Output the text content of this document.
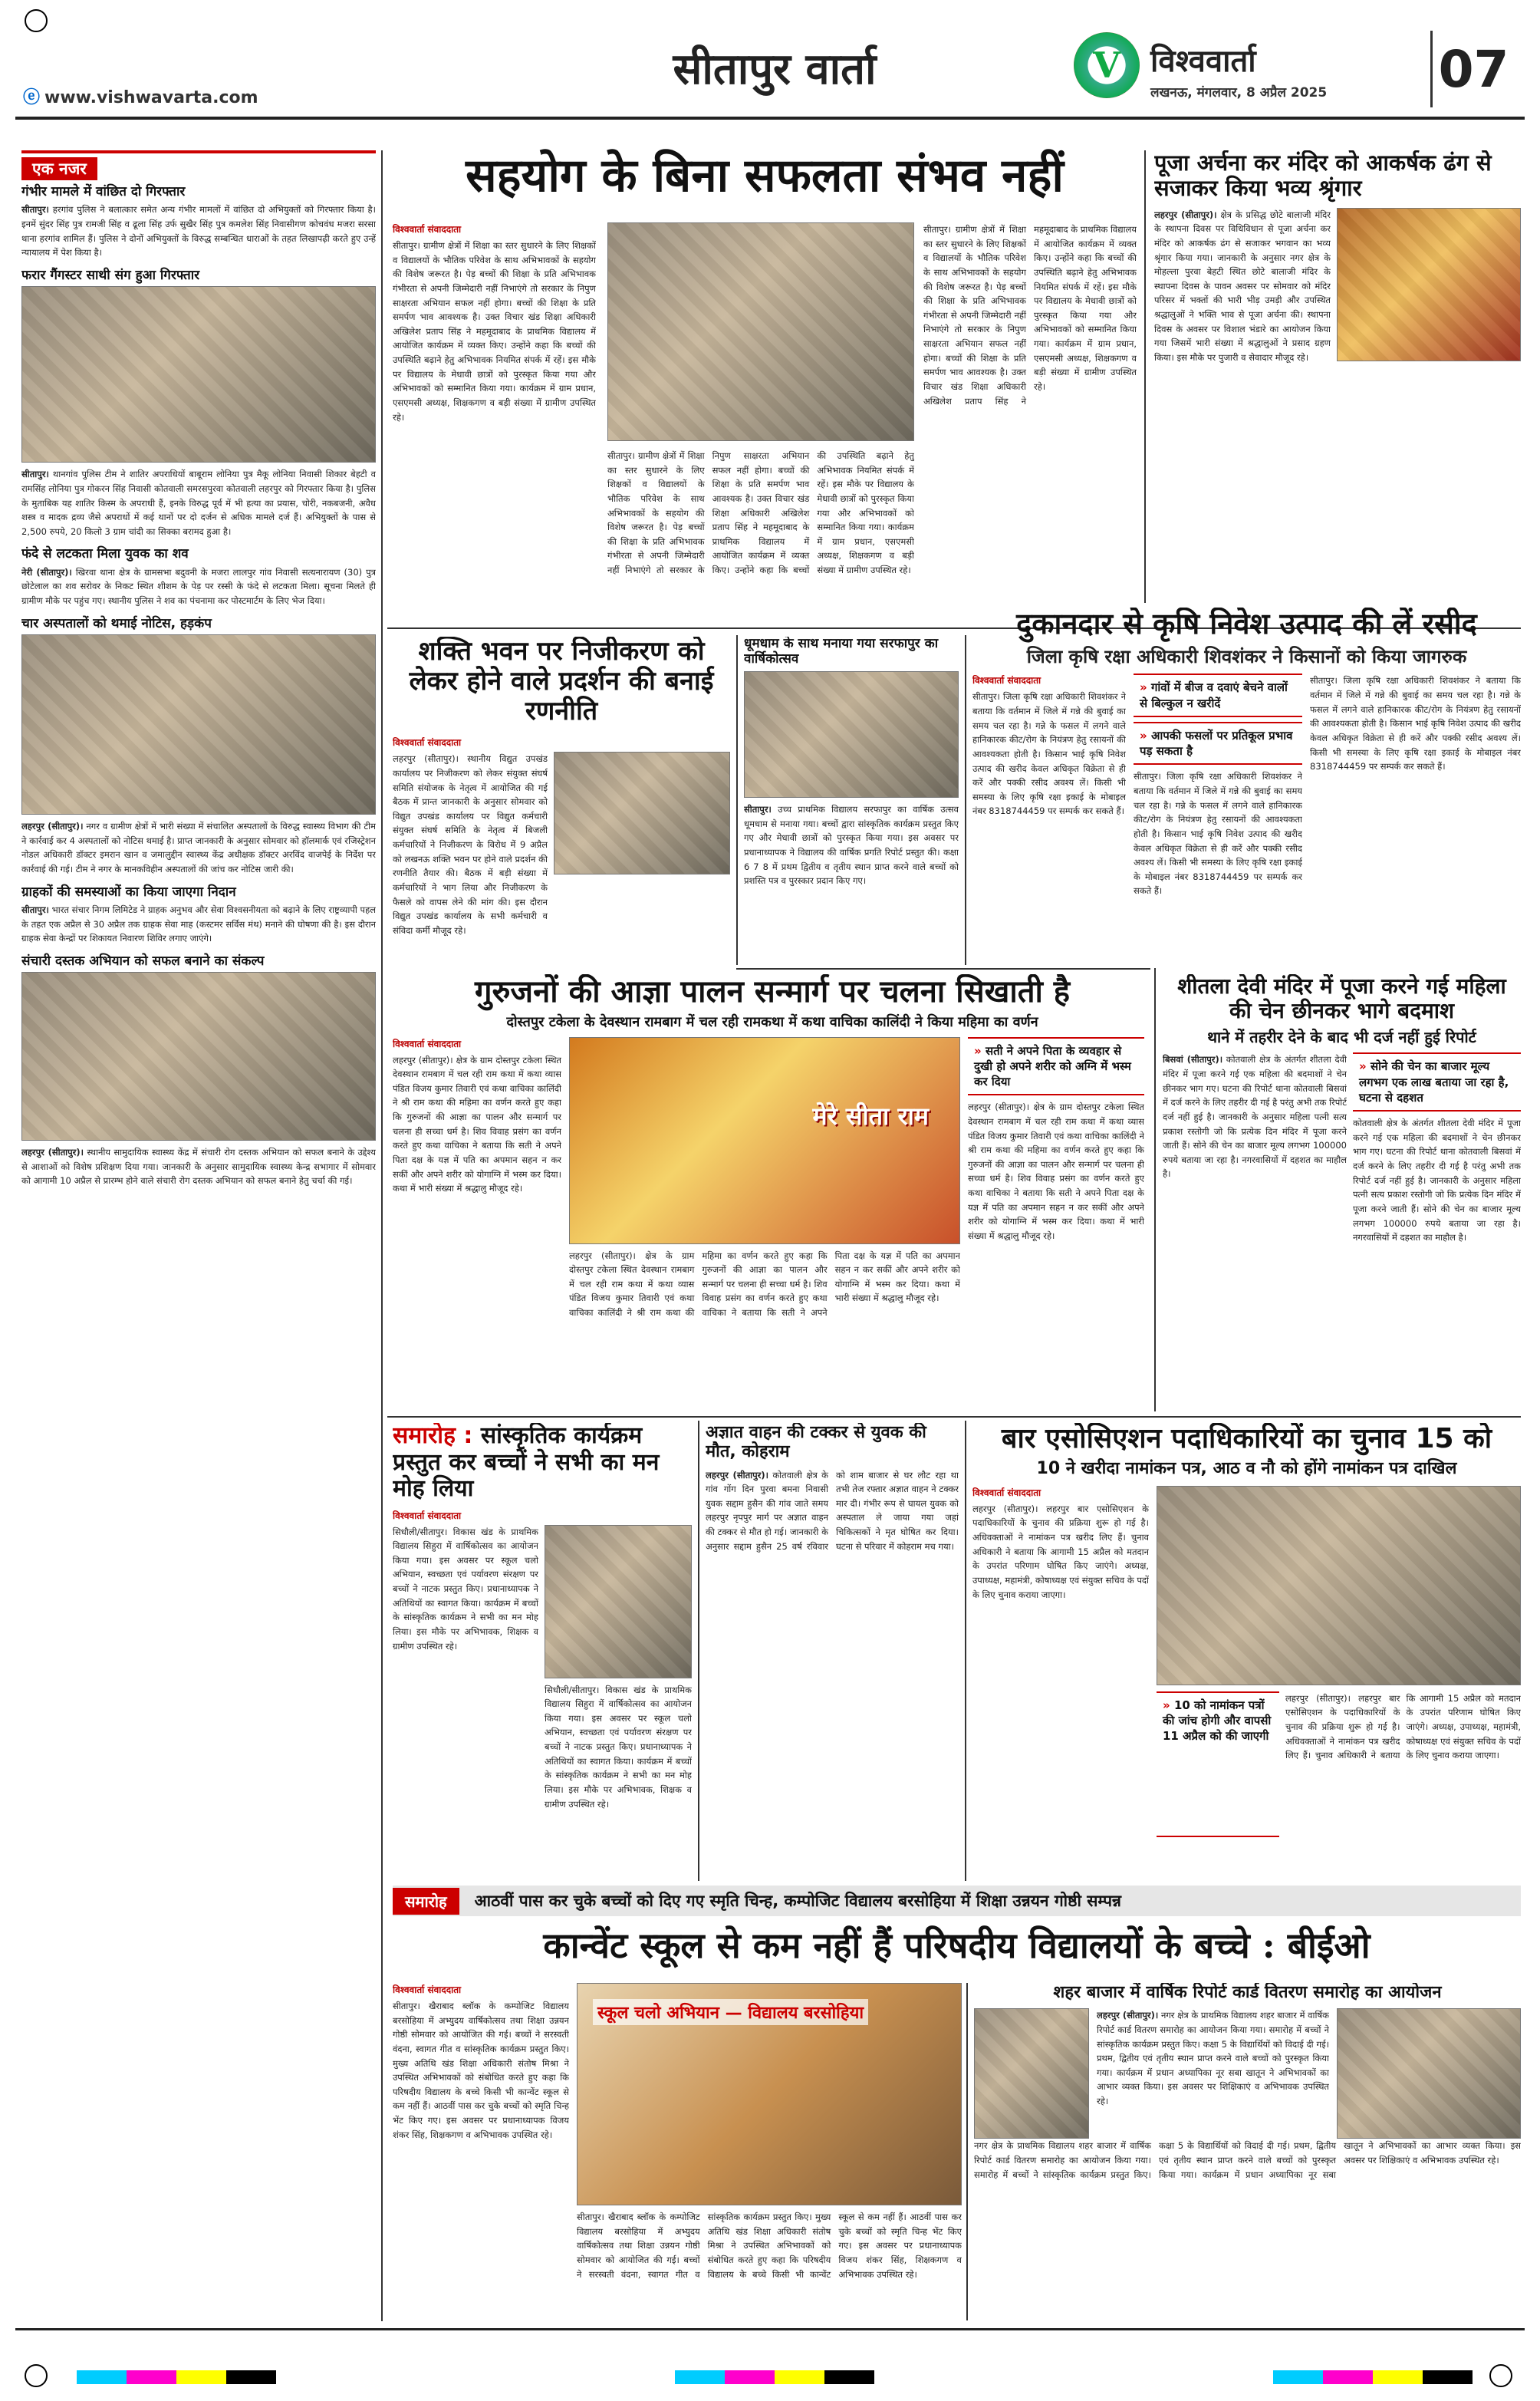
ⓔ www.vishwavarta.com
सीतापुर वार्ता	V विश्ववार्ता
लखनऊ, मंगलवार, 8 अप्रैल 2025 07
एक नजर
गंभीर मामले में वांछित दो गिरफ्तार
सीतापुर। हरगांव पुलिस ने बलात्कार समेत अन्य गंभीर मामलों में वांछित दो अभियुक्तों को गिरफ्तार किया है। इनमें सुंदर सिंह पुत्र रामजी सिंह व ढूला सिंह उर्फ सुखैर सिंह पुत्र कमलेश सिंह निवासीगण कोचवंध मजरा सरसा थाना हरगांव शामिल हैं। पुलिस ने दोनों अभियुक्तों के विरुद्ध सम्बन्धित धाराओं के तहत लिखापढ़ी करते हुए उन्हें न्यायालय में पेश किया है।
फरार गैंगस्टर साथी संग हुआ गिरफ्तार
सीतापुर। थानगांव पुलिस टीम ने शातिर अपराधियों बाबूराम लोनिया पुत्र मैकू लोनिया निवासी शिकार बेहटी व रामसिंह लोनिया पुत्र गोकरन सिंह निवासी कोतवाली समरसपुरवा कोतवाली लहरपुर को गिरफ्तार किया है। पुलिस के मुताबिक यह शातिर किस्म के अपराधी हैं, इनके विरुद्ध पूर्व में भी हत्या का प्रयास, चोरी, नकबजनी, अवैध शस्त्र व मादक द्रव्य जैसे अपराधों में कई थानों पर दो दर्जन से अधिक मामले दर्ज हैं। अभियुक्तों के पास से 2,500 रुपये, 20 किलो 3 ग्राम चांदी का सिक्का बरामद हुआ है।
फंदे से लटकता मिला युवक का शव
नेरी (सीतापुर)। खिरवा थाना क्षेत्र के ग्रामसभा बदुवनी के मजरा लालपुर गांव निवासी सत्यनारायण (30) पुत्र छोटेलाल का शव सरोवर के निकट स्थित शीशम के पेड़ पर रस्सी के फंदे से लटकता मिला। सूचना मिलते ही ग्रामीण मौके पर पहुंच गए। स्थानीय पुलिस ने शव का पंचनामा कर पोस्टमार्टम के लिए भेज दिया।
चार अस्पतालों को थमाई नोटिस, हड़कंप
लहरपुर (सीतापुर)। नगर व ग्रामीण क्षेत्रों में भारी संख्या में संचालित अस्पतालों के विरुद्ध स्वास्थ्य विभाग की टीम ने कार्रवाई कर 4 अस्पतालों को नोटिस थमाई है। प्राप्त जानकारी के अनुसार सोमवार को हॉलमार्क एवं रजिस्ट्रेशन नोडल अधिकारी डॉक्टर इमरान खान व जमालुद्दीन स्वास्थ्य केंद्र अधीक्षक डॉक्टर अरविंद वाजपेई के निर्देश पर कार्रवाई की गई। टीम ने नगर के मानकविहीन अस्पतालों की जांच कर नोटिस जारी की।
ग्राहकों की समस्याओं का किया जाएगा निदान
सीतापुर। भारत संचार निगम लिमिटेड ने ग्राहक अनुभव और सेवा विश्वसनीयता को बढ़ाने के लिए राष्ट्रव्यापी पहल के तहत एक अप्रैल से 30 अप्रैल तक ग्राहक सेवा माह (कस्टमर सर्विस मंथ) मनाने की घोषणा की है। इस दौरान ग्राहक सेवा केन्द्रों पर शिकायत निवारण शिविर लगाए जाएंगे।
संचारी दस्तक अभियान को सफल बनाने का संकल्प
लहरपुर (सीतापुर)। स्थानीय सामुदायिक स्वास्थ्य केंद्र में संचारी रोग दस्तक अभियान को सफल बनाने के उद्देश्य से आशाओं को विशेष प्रशिक्षण दिया गया। जानकारी के अनुसार सामुदायिक स्वास्थ्य केन्द्र सभागार में सोमवार को आगामी 10 अप्रैल से प्रारम्भ होने वाले संचारी रोग दस्तक अभियान को सफल बनाने हेतु चर्चा की गई।
सहयोग के बिना सफलता संभव नहीं
विश्ववार्ता संवाददाता
सीतापुर। ग्रामीण क्षेत्रों में शिक्षा का स्तर सुधारने के लिए शिक्षकों व विद्यालयों के भौतिक परिवेश के साथ अभिभावकों के सहयोग की विशेष जरूरत है। पेड़ बच्चों की शिक्षा के प्रति अभिभावक गंभीरता से अपनी जिम्मेदारी नहीं निभाएंगे तो सरकार के निपुण साक्षरता अभियान सफल नहीं होगा। बच्चों की शिक्षा के प्रति समर्पण भाव आवश्यक है। उक्त विचार खंड शिक्षा अधिकारी अखिलेश प्रताप सिंह ने महमूदाबाद के प्राथमिक विद्यालय में आयोजित कार्यक्रम में व्यक्त किए। उन्होंने कहा कि बच्चों की उपस्थिति बढ़ाने हेतु अभिभावक नियमित संपर्क में रहें। इस मौके पर विद्यालय के मेधावी छात्रों को पुरस्कृत किया गया और अभिभावकों को सम्मानित किया गया। कार्यक्रम में ग्राम प्रधान, एसएमसी अध्यक्ष, शिक्षकगण व बड़ी संख्या में ग्रामीण उपस्थित रहे।
सीतापुर। ग्रामीण क्षेत्रों में शिक्षा का स्तर सुधारने के लिए शिक्षकों व विद्यालयों के भौतिक परिवेश के साथ अभिभावकों के सहयोग की विशेष जरूरत है। पेड़ बच्चों की शिक्षा के प्रति अभिभावक गंभीरता से अपनी जिम्मेदारी नहीं निभाएंगे तो सरकार के निपुण साक्षरता अभियान सफल नहीं होगा। बच्चों की शिक्षा के प्रति समर्पण भाव आवश्यक है। उक्त विचार खंड शिक्षा अधिकारी अखिलेश प्रताप सिंह ने महमूदाबाद के प्राथमिक विद्यालय में आयोजित कार्यक्रम में व्यक्त किए। उन्होंने कहा कि बच्चों की उपस्थिति बढ़ाने हेतु अभिभावक नियमित संपर्क में रहें। इस मौके पर विद्यालय के मेधावी छात्रों को पुरस्कृत किया गया और अभिभावकों को सम्मानित किया गया। कार्यक्रम में ग्राम प्रधान, एसएमसी अध्यक्ष, शिक्षकगण व बड़ी संख्या में ग्रामीण उपस्थित रहे।
सीतापुर। ग्रामीण क्षेत्रों में शिक्षा का स्तर सुधारने के लिए शिक्षकों व विद्यालयों के भौतिक परिवेश के साथ अभिभावकों के सहयोग की विशेष जरूरत है। पेड़ बच्चों की शिक्षा के प्रति अभिभावक गंभीरता से अपनी जिम्मेदारी नहीं निभाएंगे तो सरकार के निपुण साक्षरता अभियान सफल नहीं होगा। बच्चों की शिक्षा के प्रति समर्पण भाव आवश्यक है। उक्त विचार खंड शिक्षा अधिकारी अखिलेश प्रताप सिंह ने महमूदाबाद के प्राथमिक विद्यालय में आयोजित कार्यक्रम में व्यक्त किए। उन्होंने कहा कि बच्चों की उपस्थिति बढ़ाने हेतु अभिभावक नियमित संपर्क में रहें। इस मौके पर विद्यालय के मेधावी छात्रों को पुरस्कृत किया गया और अभिभावकों को सम्मानित किया गया। कार्यक्रम में ग्राम प्रधान, एसएमसी अध्यक्ष, शिक्षकगण व बड़ी संख्या में ग्रामीण उपस्थित रहे।
पूजा अर्चना कर मंदिर को आकर्षक ढंग से सजाकर किया भव्य श्रृंगार
लहरपुर (सीतापुर)। क्षेत्र के प्रसिद्ध छोटे बालाजी मंदिर के स्थापना दिवस पर विधिविधान से पूजा अर्चना कर मंदिर को आकर्षक ढंग से सजाकर भगवान का भव्य श्रृंगार किया गया। जानकारी के अनुसार नगर क्षेत्र के मोहल्ला पुरवा बेहटी स्थित छोटे बालाजी मंदिर के स्थापना दिवस के पावन अवसर पर सोमवार को मंदिर परिसर में भक्तों की भारी भीड़ उमड़ी और उपस्थित श्रद्धालुओं ने भक्ति भाव से पूजा अर्चना की। स्थापना दिवस के अवसर पर विशाल भंडारे का आयोजन किया गया जिसमें भारी संख्या में श्रद्धालुओं ने प्रसाद ग्रहण किया। इस मौके पर पुजारी व सेवादार मौजूद रहे।
शक्ति भवन पर निजीकरण को लेकर होने वाले प्रदर्शन की बनाई रणनीति
विश्ववार्ता संवाददाता
लहरपुर (सीतापुर)। स्थानीय विद्युत उपखंड कार्यालय पर निजीकरण को लेकर संयुक्त संघर्ष समिति संयोजक के नेतृत्व में आयोजित की गई बैठक में प्रान्त जानकारी के अनुसार सोमवार को विद्युत उपखंड कार्यालय पर विद्युत कर्मचारी संयुक्त संघर्ष समिति के नेतृत्व में बिजली कर्मचारियों ने निजीकरण के विरोध में 9 अप्रैल को लखनऊ शक्ति भवन पर होने वाले प्रदर्शन की रणनीति तैयार की। बैठक में बड़ी संख्या में कर्मचारियों ने भाग लिया और निजीकरण के फैसले को वापस लेने की मांग की। इस दौरान विद्युत उपखंड कार्यालय के सभी कर्मचारी व संविदा कर्मी मौजूद रहे।
धूमधाम के साथ मनाया गया सरफापुर का वार्षिकोत्सव
सीतापुर। उच्च प्राथमिक विद्यालय सरफापुर का वार्षिक उत्सव धूमधाम से मनाया गया। बच्चों द्वारा सांस्कृतिक कार्यक्रम प्रस्तुत किए गए और मेधावी छात्रों को पुरस्कृत किया गया। इस अवसर पर प्रधानाध्यापक ने विद्यालय की वार्षिक प्रगति रिपोर्ट प्रस्तुत की। कक्षा 6 7 8 में प्रथम द्वितीय व तृतीय स्थान प्राप्त करने वाले बच्चों को प्रशस्ति पत्र व पुरस्कार प्रदान किए गए।
दुकानदार से कृषि निवेश उत्पाद की लें रसीद
जिला कृषि रक्षा अधिकारी शिवशंकर ने किसानों को किया जागरुक
विश्ववार्ता संवाददाता
सीतापुर। जिला कृषि रक्षा अधिकारी शिवशंकर ने बताया कि वर्तमान में जिले में गन्ने की बुवाई का समय चल रहा है। गन्ने के फसल में लगने वाले हानिकारक कीट/रोग के नियंत्रण हेतु रसायनों की आवश्यकता होती है। किसान भाई कृषि निवेश उत्पाद की खरीद केवल अधिकृत विक्रेता से ही करें और पक्की रसीद अवश्य लें। किसी भी समस्या के लिए कृषि रक्षा इकाई के मोबाइल नंबर 8318744459 पर सम्पर्क कर सकते हैं।
» गांवों में बीज व दवाएं बेचने वालों से बिल्कुल न खरीदें
» आपकी फसलों पर प्रतिकूल प्रभाव पड़ सकता है
सीतापुर। जिला कृषि रक्षा अधिकारी शिवशंकर ने बताया कि वर्तमान में जिले में गन्ने की बुवाई का समय चल रहा है। गन्ने के फसल में लगने वाले हानिकारक कीट/रोग के नियंत्रण हेतु रसायनों की आवश्यकता होती है। किसान भाई कृषि निवेश उत्पाद की खरीद केवल अधिकृत विक्रेता से ही करें और पक्की रसीद अवश्य लें। किसी भी समस्या के लिए कृषि रक्षा इकाई के मोबाइल नंबर 8318744459 पर सम्पर्क कर सकते हैं।
सीतापुर। जिला कृषि रक्षा अधिकारी शिवशंकर ने बताया कि वर्तमान में जिले में गन्ने की बुवाई का समय चल रहा है। गन्ने के फसल में लगने वाले हानिकारक कीट/रोग के नियंत्रण हेतु रसायनों की आवश्यकता होती है। किसान भाई कृषि निवेश उत्पाद की खरीद केवल अधिकृत विक्रेता से ही करें और पक्की रसीद अवश्य लें। किसी भी समस्या के लिए कृषि रक्षा इकाई के मोबाइल नंबर 8318744459 पर सम्पर्क कर सकते हैं।
गुरुजनों की आज्ञा पालन सन्मार्ग पर चलना सिखाती है
दोस्तपुर टकेला के देवस्थान रामबाग में चल रही रामकथा में कथा वाचिका कालिंदी ने किया महिमा का वर्णन
विश्ववार्ता संवाददाता
लहरपुर (सीतापुर)। क्षेत्र के ग्राम दोस्तपुर टकेला स्थित देवस्थान रामबाग में चल रही राम कथा में कथा व्यास पंडित विजय कुमार तिवारी एवं कथा वाचिका कालिंदी ने श्री राम कथा की महिमा का वर्णन करते हुए कहा कि गुरुजनों की आज्ञा का पालन और सन्मार्ग पर चलना ही सच्चा धर्म है। शिव विवाह प्रसंग का वर्णन करते हुए कथा वाचिका ने बताया कि सती ने अपने पिता दक्ष के यज्ञ में पति का अपमान सहन न कर सकीं और अपने शरीर को योगाग्नि में भस्म कर दिया। कथा में भारी संख्या में श्रद्धालु मौजूद रहे।
मेरे सीता राम
लहरपुर (सीतापुर)। क्षेत्र के ग्राम दोस्तपुर टकेला स्थित देवस्थान रामबाग में चल रही राम कथा में कथा व्यास पंडित विजय कुमार तिवारी एवं कथा वाचिका कालिंदी ने श्री राम कथा की महिमा का वर्णन करते हुए कहा कि गुरुजनों की आज्ञा का पालन और सन्मार्ग पर चलना ही सच्चा धर्म है। शिव विवाह प्रसंग का वर्णन करते हुए कथा वाचिका ने बताया कि सती ने अपने पिता दक्ष के यज्ञ में पति का अपमान सहन न कर सकीं और अपने शरीर को योगाग्नि में भस्म कर दिया। कथा में भारी संख्या में श्रद्धालु मौजूद रहे।
» सती ने अपने पिता के व्यवहार से दुखी हो अपने शरीर को अग्नि में भस्म कर दिया
लहरपुर (सीतापुर)। क्षेत्र के ग्राम दोस्तपुर टकेला स्थित देवस्थान रामबाग में चल रही राम कथा में कथा व्यास पंडित विजय कुमार तिवारी एवं कथा वाचिका कालिंदी ने श्री राम कथा की महिमा का वर्णन करते हुए कहा कि गुरुजनों की आज्ञा का पालन और सन्मार्ग पर चलना ही सच्चा धर्म है। शिव विवाह प्रसंग का वर्णन करते हुए कथा वाचिका ने बताया कि सती ने अपने पिता दक्ष के यज्ञ में पति का अपमान सहन न कर सकीं और अपने शरीर को योगाग्नि में भस्म कर दिया। कथा में भारी संख्या में श्रद्धालु मौजूद रहे।
शीतला देवी मंदिर में पूजा करने गई महिला की चेन छीनकर भागे बदमाश
थाने में तहरीर देने के बाद भी दर्ज नहीं हुई रिपोर्ट
बिसवां (सीतापुर)। कोतवाली क्षेत्र के अंतर्गत शीतला देवी मंदिर में पूजा करने गई एक महिला की बदमाशों ने चेन छीनकर भाग गए। घटना की रिपोर्ट थाना कोतवाली बिसवां में दर्ज करने के लिए तहरीर दी गई है परंतु अभी तक रिपोर्ट दर्ज नहीं हुई है। जानकारी के अनुसार महिला पत्नी सत्य प्रकाश रस्तोगी जो कि प्रत्येक दिन मंदिर में पूजा करने जाती हैं। सोने की चेन का बाजार मूल्य लगभग 100000 रुपये बताया जा रहा है। नगरवासियों में दहशत का माहौल है।
» सोने की चेन का बाजार मूल्य लगभग एक लाख बताया जा रहा है, घटना से दहशत
कोतवाली क्षेत्र के अंतर्गत शीतला देवी मंदिर में पूजा करने गई एक महिला की बदमाशों ने चेन छीनकर भाग गए। घटना की रिपोर्ट थाना कोतवाली बिसवां में दर्ज करने के लिए तहरीर दी गई है परंतु अभी तक रिपोर्ट दर्ज नहीं हुई है। जानकारी के अनुसार महिला पत्नी सत्य प्रकाश रस्तोगी जो कि प्रत्येक दिन मंदिर में पूजा करने जाती हैं। सोने की चेन का बाजार मूल्य लगभग 100000 रुपये बताया जा रहा है। नगरवासियों में दहशत का माहौल है।
समारोह : सांस्कृतिक कार्यक्रम प्रस्तुत कर बच्चों ने सभी का मन मोह लिया
विश्ववार्ता संवाददाता
सिधौली/सीतापुर। विकास खंड के प्राथमिक विद्यालय सिहुरा में वार्षिकोत्सव का आयोजन किया गया। इस अवसर पर स्कूल चलो अभियान, स्वच्छता एवं पर्यावरण संरक्षण पर बच्चों ने नाटक प्रस्तुत किए। प्रधानाध्यापक ने अतिथियों का स्वागत किया। कार्यक्रम में बच्चों के सांस्कृतिक कार्यक्रम ने सभी का मन मोह लिया। इस मौके पर अभिभावक, शिक्षक व ग्रामीण उपस्थित रहे।
सिधौली/सीतापुर। विकास खंड के प्राथमिक विद्यालय सिहुरा में वार्षिकोत्सव का आयोजन किया गया। इस अवसर पर स्कूल चलो अभियान, स्वच्छता एवं पर्यावरण संरक्षण पर बच्चों ने नाटक प्रस्तुत किए। प्रधानाध्यापक ने अतिथियों का स्वागत किया। कार्यक्रम में बच्चों के सांस्कृतिक कार्यक्रम ने सभी का मन मोह लिया। इस मौके पर अभिभावक, शिक्षक व ग्रामीण उपस्थित रहे।
अज्ञात वाहन की टक्कर से युवक की मौत, कोहराम
लहरपुर (सीतापुर)। कोतवाली क्षेत्र के गांव गोंग दिन पुरवा बमना निवासी युवक सद्दाम हुसैन की गांव जाते समय लहरपुर नृपपुर मार्ग पर अज्ञात वाहन की टक्कर से मौत हो गई। जानकारी के अनुसार सद्दाम हुसैन 25 वर्ष रविवार को शाम बाजार से घर लौट रहा था तभी तेज रफ्तार अज्ञात वाहन ने टक्कर मार दी। गंभीर रूप से घायल युवक को अस्पताल ले जाया गया जहां चिकित्सकों ने मृत घोषित कर दिया। घटना से परिवार में कोहराम मच गया।
बार एसोसिएशन पदाधिकारियों का चुनाव 15 को
10 ने खरीदा नामांकन पत्र, आठ व नौ को होंगे नामांकन पत्र दाखिल
विश्ववार्ता संवाददाता
लहरपुर (सीतापुर)। लहरपुर बार एसोसिएशन के पदाधिकारियों के चुनाव की प्रक्रिया शुरू हो गई है। अधिवक्ताओं ने नामांकन पत्र खरीद लिए हैं। चुनाव अधिकारी ने बताया कि आगामी 15 अप्रैल को मतदान के उपरांत परिणाम घोषित किए जाएंगे। अध्यक्ष, उपाध्यक्ष, महामंत्री, कोषाध्यक्ष एवं संयुक्त सचिव के पदों के लिए चुनाव कराया जाएगा।
» 10 को नामांकन पत्रों की जांच होगी और वापसी 11 अप्रैल को की जाएगी
लहरपुर (सीतापुर)। लहरपुर बार एसोसिएशन के पदाधिकारियों के चुनाव की प्रक्रिया शुरू हो गई है। अधिवक्ताओं ने नामांकन पत्र खरीद लिए हैं। चुनाव अधिकारी ने बताया कि आगामी 15 अप्रैल को मतदान के उपरांत परिणाम घोषित किए जाएंगे। अध्यक्ष, उपाध्यक्ष, महामंत्री, कोषाध्यक्ष एवं संयुक्त सचिव के पदों के लिए चुनाव कराया जाएगा।
समारोह	आठवीं पास कर चुके बच्चों को दिए गए स्मृति चिन्ह, कम्पोजिट विद्यालय बरसोहिया में शिक्षा उन्नयन गोष्ठी सम्पन्न
कान्वेंट स्कूल से कम नहीं हैं परिषदीय विद्यालयों के बच्चे : बीईओ
विश्ववार्ता संवाददाता
सीतापुर। खैराबाद ब्लॉक के कम्पोजिट विद्यालय बरसोहिया में अभ्युदय वार्षिकोत्सव तथा शिक्षा उन्नयन गोष्ठी सोमवार को आयोजित की गई। बच्चों ने सरस्वती वंदना, स्वागत गीत व सांस्कृतिक कार्यक्रम प्रस्तुत किए। मुख्य अतिथि खंड शिक्षा अधिकारी संतोष मिश्रा ने उपस्थित अभिभावकों को संबोधित करते हुए कहा कि परिषदीय विद्यालय के बच्चे किसी भी कान्वेंट स्कूल से कम नहीं हैं। आठवीं पास कर चुके बच्चों को स्मृति चिन्ह भेंट किए गए। इस अवसर पर प्रधानाध्यापक विजय शंकर सिंह, शिक्षकगण व अभिभावक उपस्थित रहे।
स्कूल चलो अभियान — विद्यालय बरसोहिया
सीतापुर। खैराबाद ब्लॉक के कम्पोजिट विद्यालय बरसोहिया में अभ्युदय वार्षिकोत्सव तथा शिक्षा उन्नयन गोष्ठी सोमवार को आयोजित की गई। बच्चों ने सरस्वती वंदना, स्वागत गीत व सांस्कृतिक कार्यक्रम प्रस्तुत किए। मुख्य अतिथि खंड शिक्षा अधिकारी संतोष मिश्रा ने उपस्थित अभिभावकों को संबोधित करते हुए कहा कि परिषदीय विद्यालय के बच्चे किसी भी कान्वेंट स्कूल से कम नहीं हैं। आठवीं पास कर चुके बच्चों को स्मृति चिन्ह भेंट किए गए। इस अवसर पर प्रधानाध्यापक विजय शंकर सिंह, शिक्षकगण व अभिभावक उपस्थित रहे।
शहर बाजार में वार्षिक रिपोर्ट कार्ड वितरण समारोह का आयोजन
लहरपुर (सीतापुर)। नगर क्षेत्र के प्राथमिक विद्यालय शहर बाजार में वार्षिक रिपोर्ट कार्ड वितरण समारोह का आयोजन किया गया। समारोह में बच्चों ने सांस्कृतिक कार्यक्रम प्रस्तुत किए। कक्षा 5 के विद्यार्थियों को विदाई दी गई। प्रथम, द्वितीय एवं तृतीय स्थान प्राप्त करने वाले बच्चों को पुरस्कृत किया गया। कार्यक्रम में प्रधान अध्यापिका नूर सबा खातून ने अभिभावकों का आभार व्यक्त किया। इस अवसर पर शिक्षिकाएं व अभिभावक उपस्थित रहे।
नगर क्षेत्र के प्राथमिक विद्यालय शहर बाजार में वार्षिक रिपोर्ट कार्ड वितरण समारोह का आयोजन किया गया। समारोह में बच्चों ने सांस्कृतिक कार्यक्रम प्रस्तुत किए। कक्षा 5 के विद्यार्थियों को विदाई दी गई। प्रथम, द्वितीय एवं तृतीय स्थान प्राप्त करने वाले बच्चों को पुरस्कृत किया गया। कार्यक्रम में प्रधान अध्यापिका नूर सबा खातून ने अभिभावकों का आभार व्यक्त किया। इस अवसर पर शिक्षिकाएं व अभिभावक उपस्थित रहे।
